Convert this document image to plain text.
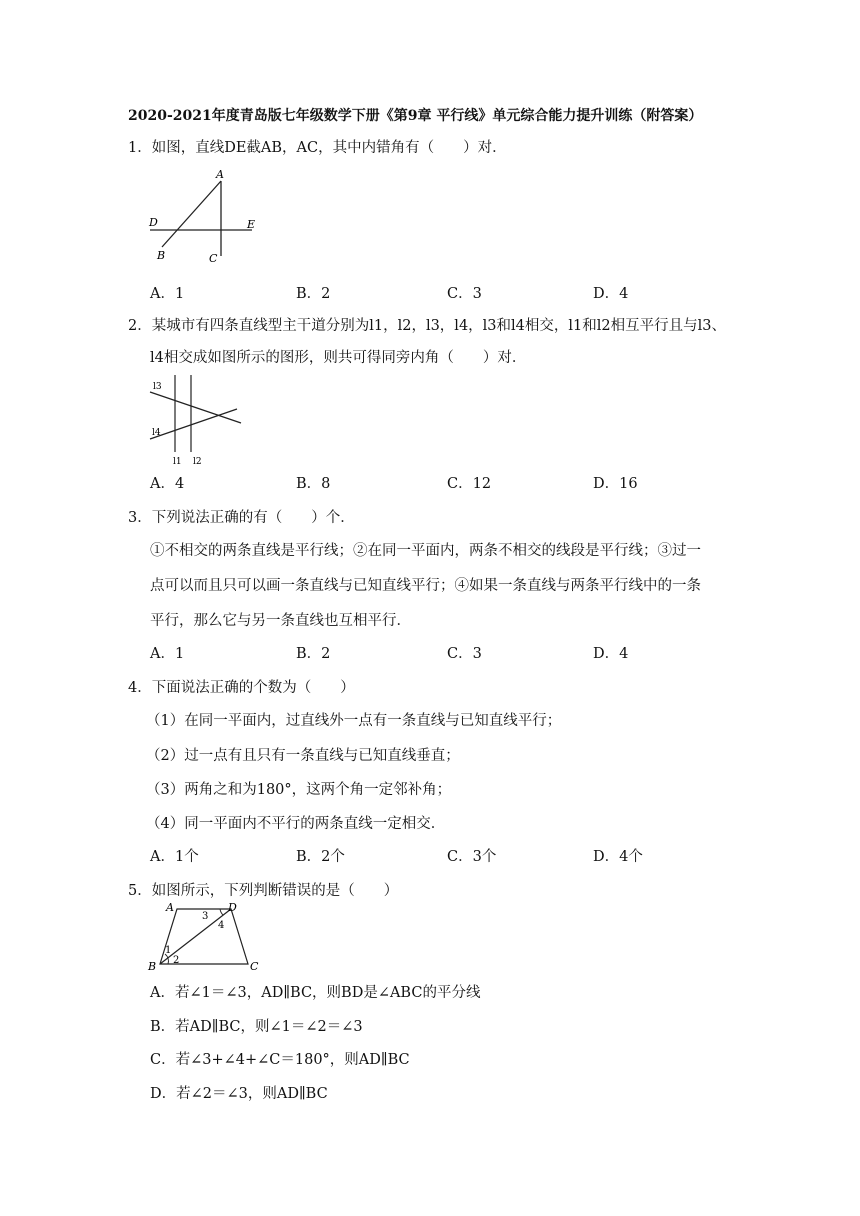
2020-2021年度青岛版七年级数学下册《第9章 平行线》单元综合能力提升训练（附答案）
1．如图，直线DE截AB，AC，其中内错角有（　　）对．
A
D	E
B	C
A．1	B．2	C．3	D．4
2．某城市有四条直线型主干道分别为l1，l2，l3，l4，l3和l4相交，l1和l2相互平行且与l3、
l4相交成如图所示的图形，则共可得同旁内角（　　）对．
l3
l4
l1 l2
A．4	B．8	C．12	D．16
3．下列说法正确的有（　　）个．
①不相交的两条直线是平行线；②在同一平面内，两条不相交的线段是平行线；③过一
点可以而且只可以画一条直线与已知直线平行；④如果一条直线与两条平行线中的一条
平行，那么它与另一条直线也互相平行．
A．1	B．2	C．3	D．4
4．下面说法正确的个数为（　　）
（1）在同一平面内，过直线外一点有一条直线与已知直线平行；
（2）过一点有且只有一条直线与已知直线垂直；
（3）两角之和为180°，这两个角一定邻补角；
（4）同一平面内不平行的两条直线一定相交．
A．1个	B．2个	C．3个	D．4个
5．如图所示，下列判断错误的是（　　）
A	D
B	C
1
2
3
4
A．若∠1＝∠3，AD∥BC，则BD是∠ABC的平分线
B．若AD∥BC，则∠1＝∠2＝∠3
C．若∠3+∠4+∠C＝180°，则AD∥BC
D．若∠2＝∠3，则AD∥BC
